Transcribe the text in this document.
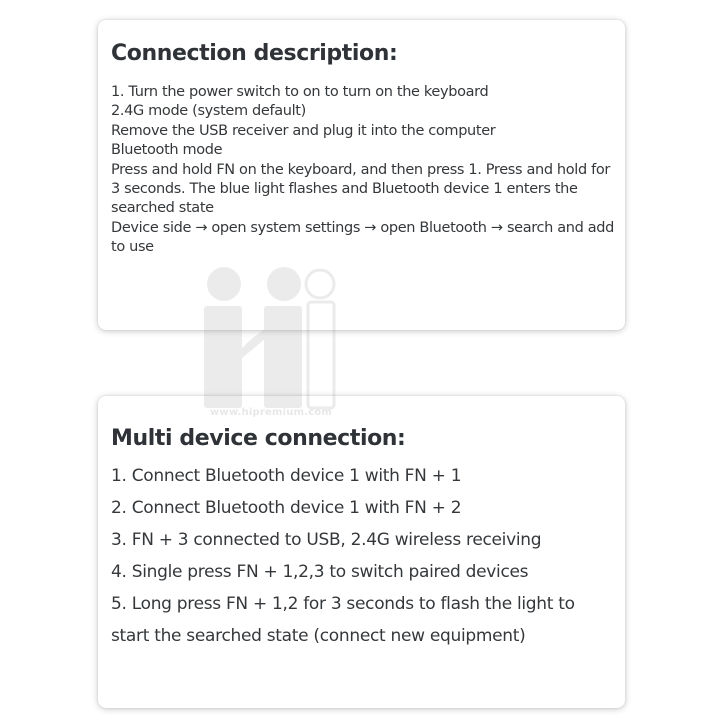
Connection description:
1. Turn the power switch to on to turn on the keyboard
2.4G mode (system default)
Remove the USB receiver and plug it into the computer
Bluetooth mode
Press and hold FN on the keyboard, and then press 1. Press and hold for 3 seconds. The blue light flashes and Bluetooth device 1 enters the searched state
Device side → open system settings → open Bluetooth → search and add to use
Multi device connection:
1. Connect Bluetooth device 1 with FN + 1
2. Connect Bluetooth device 1 with FN + 2
3. FN + 3 connected to USB, 2.4G wireless receiving
4. Single press FN + 1,2,3 to switch paired devices
5. Long press FN + 1,2 for 3 seconds to flash the light to start the searched state (connect new equipment)
